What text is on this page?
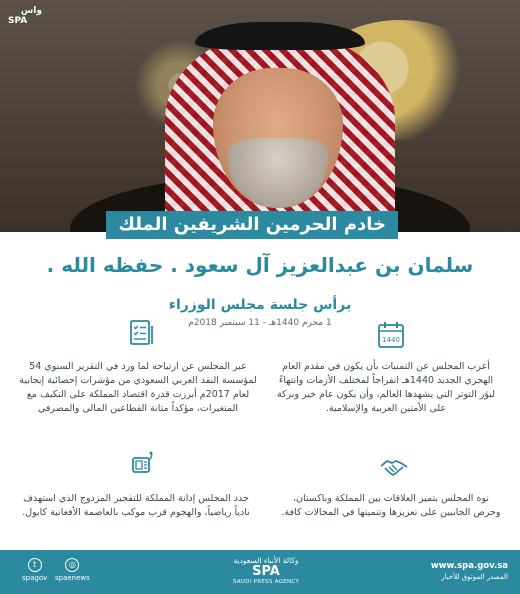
واس
SPA
خادم الحرمين الشريفين الملك
سلمان بن عبدالعزيز آل سعود . حفظه الله .
يرأس جلسة مجلس الوزراء
1 محرم 1440هـ - 11 سبتمبر 2018م
1440
أعرب المجلس عن التمنيات بأن يكون في مقدم العام الهجري الجديد 1440هـ انفراجاً لمختلف الأزمات وانتهاءً لبؤر التوتر التي يشهدها العالم، وأن يكون عام خير وبركة على الأمتين العربية والإسلامية.
عبر المجلس عن ارتياحه لما ورد في التقرير السنوي 54 لمؤسسة النقد العربي السعودي من مؤشرات إحصائية إيجابية لعام 2017م أبرزت قدرة اقتصاد المملكة على التكيف مع المتغيرات، مؤكداً متانة القطاعين المالي والمصرفي
نوه المجلس بتميز العلاقات بين المملكة وباكستان، وحرص الجانبين على تعزيزها وتنميتها في المجالات كافة.
جدد المجلس إدانة المملكة للتفجير المزدوج الذي استهدف نادياً رياضياً، والهجوم قرب موكب بالعاصمة الأفغانية كابول.
t
spagov
◎
spaenews
وكالة الأنباء السعودية
SPA
SAUDI PRESS AGENCY
www.spa.gov.sa
المصدر الموثوق للأخبار
